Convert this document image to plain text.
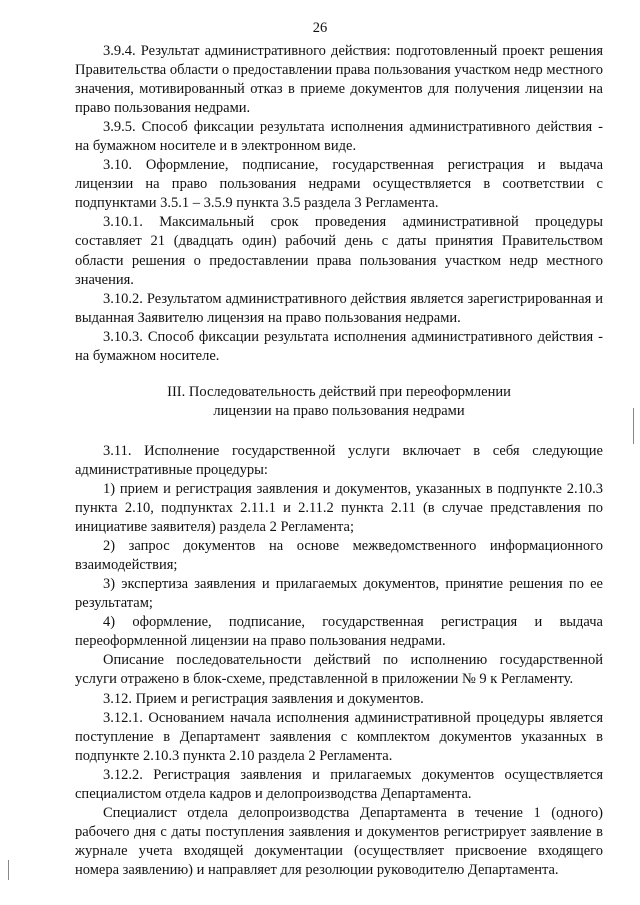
26

3.9.4. Результат административного действия: подготовленный проект решения Правительства области о предоставлении права пользования участком недр местного значения, мотивированный отказ в приеме документов для получения лицензии на право пользования недрами.

3.9.5. Способ фиксации результата исполнения административного действия - на бумажном носителе и в электронном виде.

3.10. Оформление, подписание, государственная регистрация и выдача лицензии на право пользования недрами осуществляется в соответствии с подпунктами 3.5.1 – 3.5.9 пункта 3.5 раздела 3 Регламента.

3.10.1. Максимальный срок проведения административной процедуры составляет 21 (двадцать один) рабочий день с даты принятия Правительством области решения о предоставлении права пользования участком недр местного значения.

3.10.2. Результатом административного действия является зарегистрированная и выданная Заявителю лицензия на право пользования недрами.

3.10.3. Способ фиксации результата исполнения административного действия - на бумажном носителе.

III. Последовательность действий при переоформлении
лицензии на право пользования недрами

3.11. Исполнение государственной услуги включает в себя следующие административные процедуры:

1) прием и регистрация заявления и документов, указанных в подпункте 2.10.3 пункта 2.10, подпунктах 2.11.1 и 2.11.2 пункта 2.11 (в случае представления по инициативе заявителя) раздела 2 Регламента;

2) запрос документов на основе межведомственного информационного взаимодействия;

3) экспертиза заявления и прилагаемых документов, принятие решения по ее результатам;

4) оформление, подписание, государственная регистрация и выдача переоформленной лицензии на право пользования недрами.

Описание последовательности действий по исполнению государственной услуги отражено в блок-схеме, представленной в приложении № 9 к Регламенту.

3.12. Прием и регистрация заявления и документов.

3.12.1. Основанием начала исполнения административной процедуры является поступление в Департамент заявления с комплектом документов указанных в подпункте 2.10.3 пункта 2.10 раздела 2 Регламента.

3.12.2. Регистрация заявления и прилагаемых документов осуществляется специалистом отдела кадров и делопроизводства Департамента.

Специалист отдела делопроизводства Департамента в течение 1 (одного) рабочего дня с даты поступления заявления и документов регистрирует заявление в журнале учета входящей документации (осуществляет присвоение входящего номера заявлению) и направляет для резолюции руководителю Департамента.
